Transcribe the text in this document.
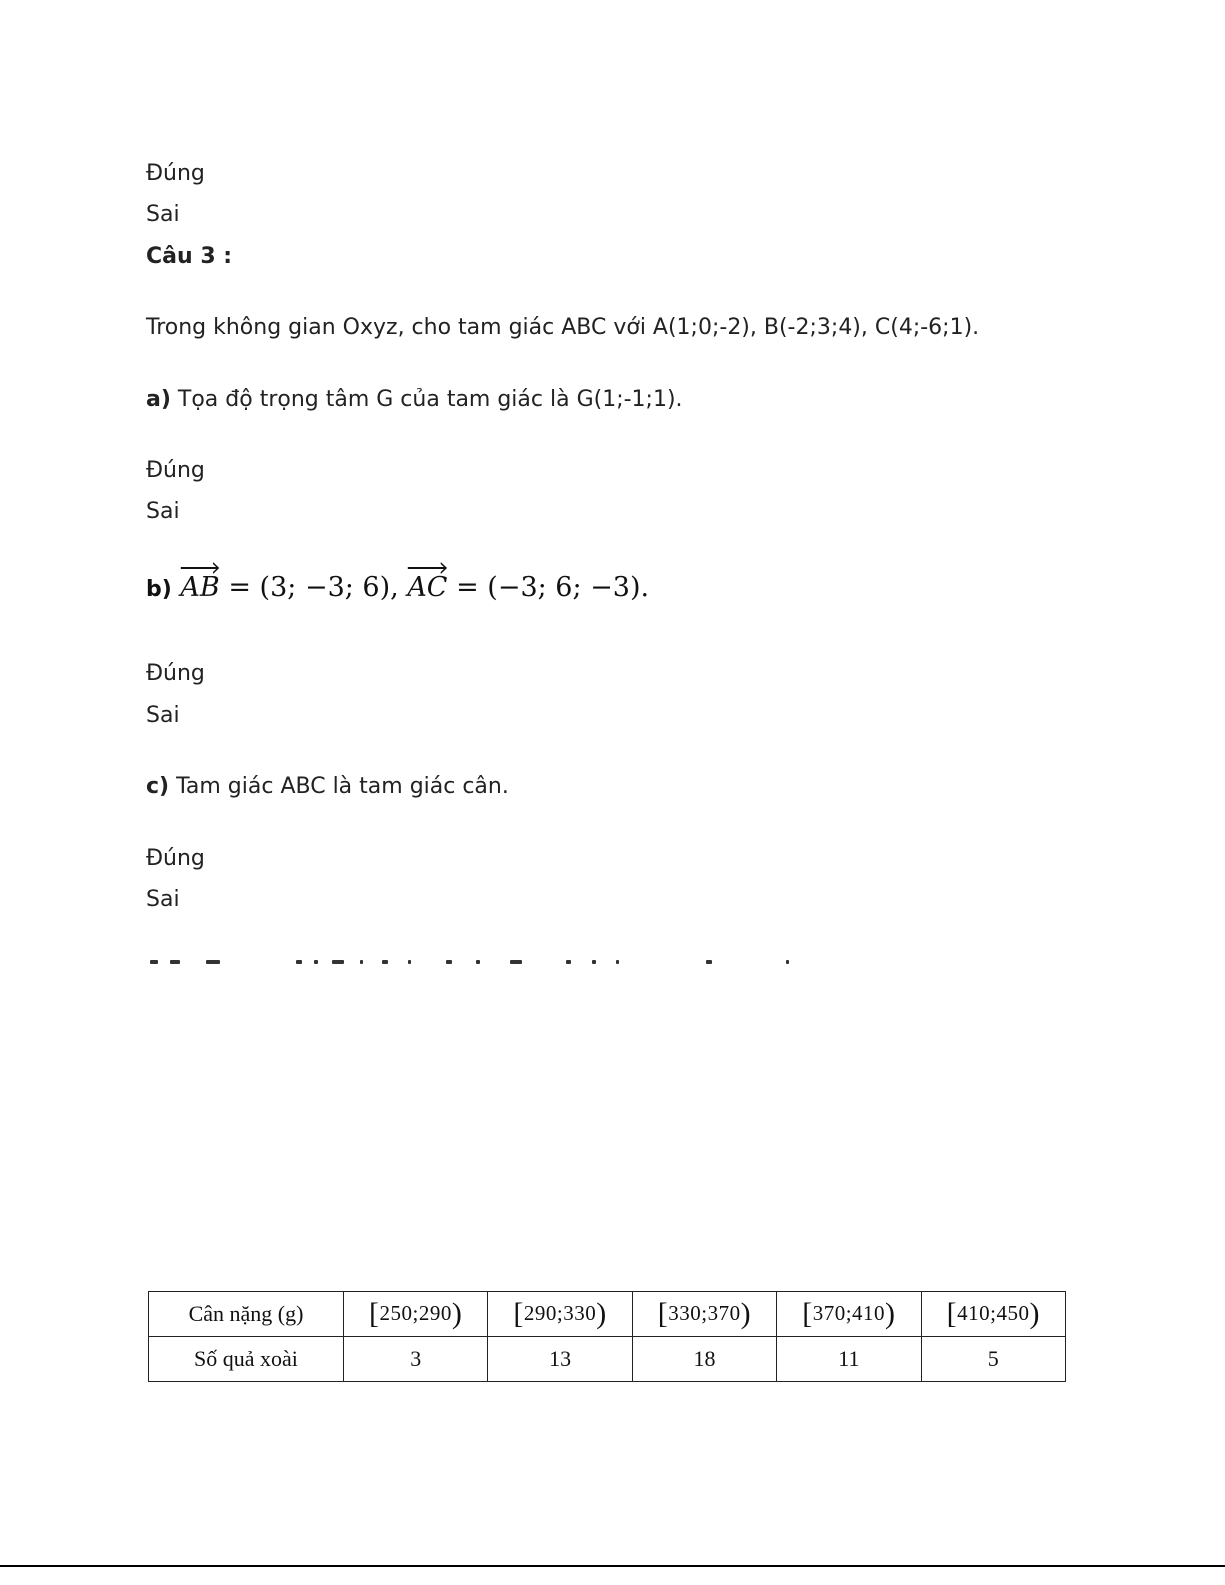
Đúng
Sai
Câu 3 :
Trong không gian Oxyz, cho tam giác ABC với A(1;0;-2), B(-2;3;4), C(4;-6;1).
a) Tọa độ trọng tâm G của tam giác là G(1;-1;1).
Đúng
Sai
b) AB = (3; −3; 6), AC = (−3; 6; −3).
Đúng
Sai
c) Tam giác ABC là tam giác cân.
Đúng
Sai
Cân nặng (g)	[250;290)	[290;330)	[330;370)	[370;410)	[410;450)
Số quả xoài	3	13	18	11	5
